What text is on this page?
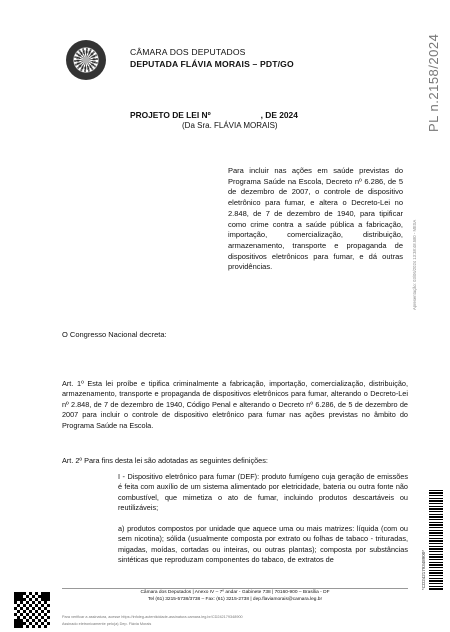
CÂMARA DOS DEPUTADOS
DEPUTADA FLÁVIA MORAIS – PDT/GO
Apresentação: 03/06/2024 13:38:48.580 - MESA
PL n.2158/2024
PROJETO DE LEI Nº	, DE 2024
(Da Sra. FLÁVIA MORAIS)
Para incluir nas ações em saúde previstas do Programa Saúde na Escola, Decreto nº 6.286, de 5 de dezembro de 2007, o controle de dispositivo eletrônico para fumar, e altera o Decreto-Lei no 2.848, de 7 de dezembro de 1940, para tipificar como crime contra a saúde pública a fabricação, importação, comercialização, distribuição, armazenamento, transporte e propaganda de dispositivos eletrônicos para fumar, e dá outras providências.
O Congresso Nacional decreta:
Art. 1º Esta lei proíbe e tipifica criminalmente a fabricação, importação, comercialização, distribuição, armazenamento, transporte e propaganda de dispositivos eletrônicos para fumar, alterando o Decreto-Lei nº 2.848, de 7 de dezembro de 1940, Código Penal e alterando o Decreto nº 6.286, de 5 de dezembro de 2007 para incluir o controle de dispositivo eletrônico para fumar nas ações previstas no âmbito do Programa Saúde na Escola.
Art. 2º Para fins desta lei são adotadas as seguintes definições:
I - Dispositivo eletrônico para fumar (DEF): produto fumígeno cuja geração de emissões é feita com auxílio de um sistema alimentado por eletricidade, bateria ou outra fonte não combustível, que mimetiza o ato de fumar, incluindo produtos descartáveis ou reutilizáveis;
a) produtos compostos por unidade que aquece uma ou mais matrizes: líquida (com ou sem nicotina); sólida (usualmente composta por extrato ou folhas de tabaco - trituradas, migadas, moídas, cortadas ou inteiras, ou outras plantas); composta por substâncias sintéticas que reproduzam componentes do tabaco, de extratos de	*CD242179348900*
Câmara dos Deputados | Anexo IV – 7º andar - Gabinete 738 | 70160-900 – Brasília - DF
Tel (61) 3215-5738/3738 – Fax: (61) 3215-2738 | dep.flaviamorais@camara.leg.br
Para verificar a assinatura, acesse https://infoleg-autenticidade-assinatura.camara.leg.br/CD242179348900
Assinado eletronicamente pelo(a) Dep. Flávia Morais
